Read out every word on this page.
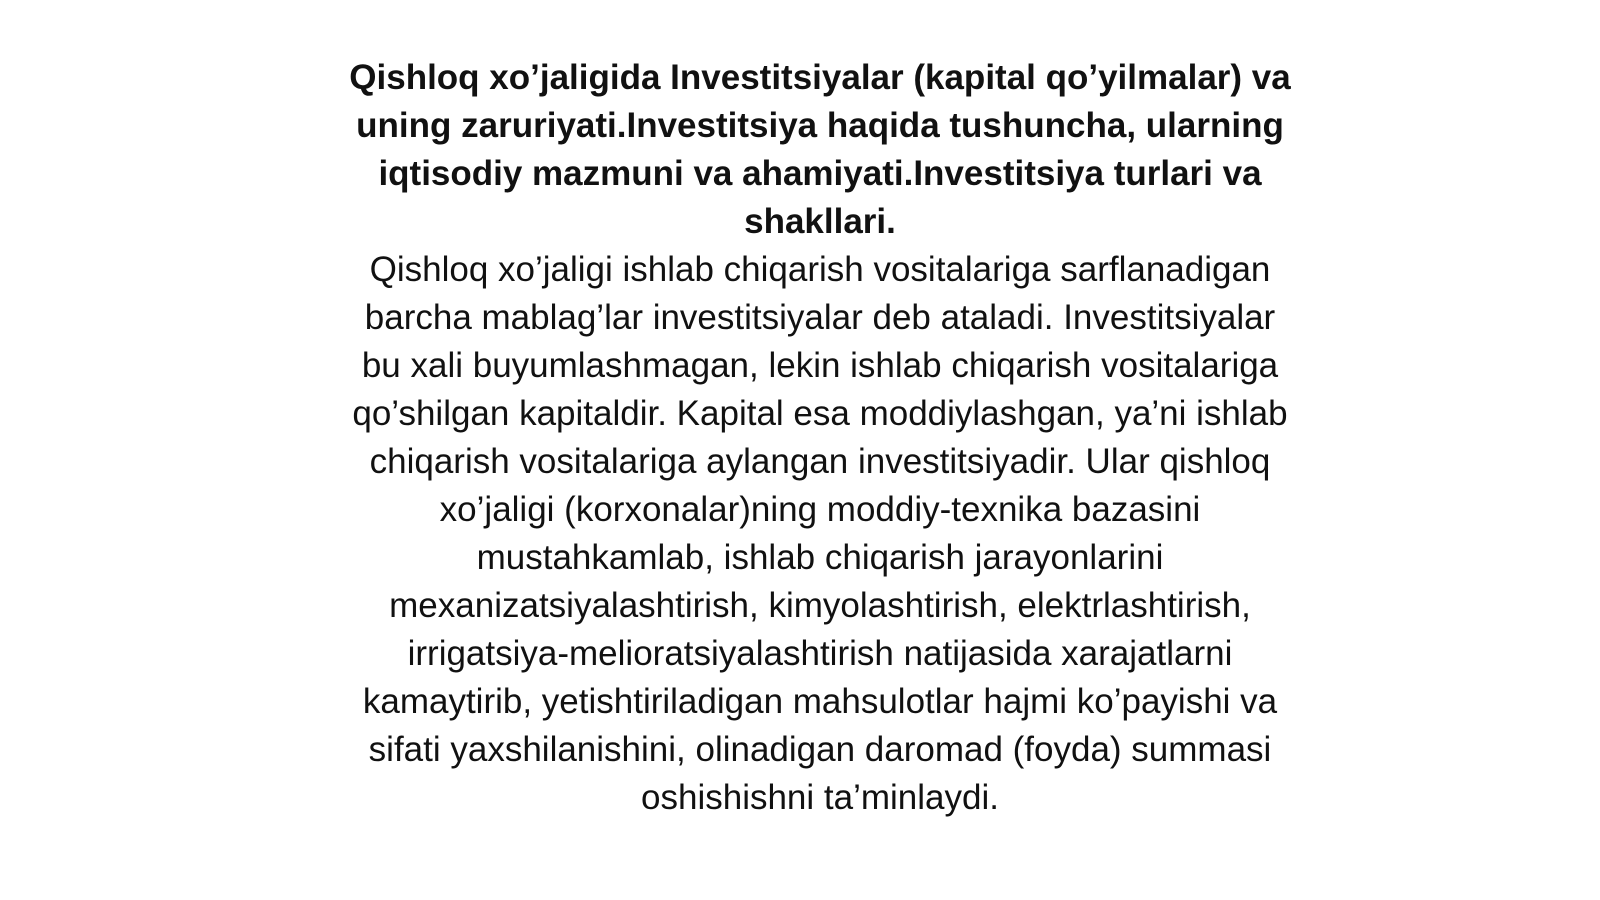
Qishloq xo’jaligida Investitsiyalar (kapital qo’yilmalar) va
uning zaruriyati.Investitsiya haqida tushuncha, ularning
iqtisodiy mazmuni va ahamiyati.Investitsiya turlari va
shakllari.

Qishloq xo’jaligi ishlab chiqarish vositalariga sarflanadigan
barcha mablag’lar investitsiyalar deb ataladi. Investitsiyalar
bu xali buyumlashmagan, lekin ishlab chiqarish vositalariga
qo’shilgan kapitaldir. Kapital esa moddiylashgan, ya’ni ishlab
chiqarish vositalariga aylangan investitsiyadir. Ular qishloq
xo’jaligi (korxonalar)ning moddiy-texnika bazasini
mustahkamlab, ishlab chiqarish jarayonlarini
mexanizatsiyalashtirish, kimyolashtirish, elektrlashtirish,
irrigatsiya-melioratsiyalashtirish natijasida xarajatlarni
kamaytirib, yetishtiriladigan mahsulotlar hajmi ko’payishi va
sifati yaxshilanishini, olinadigan daromad (foyda) summasi
oshishishni ta’minlaydi.
